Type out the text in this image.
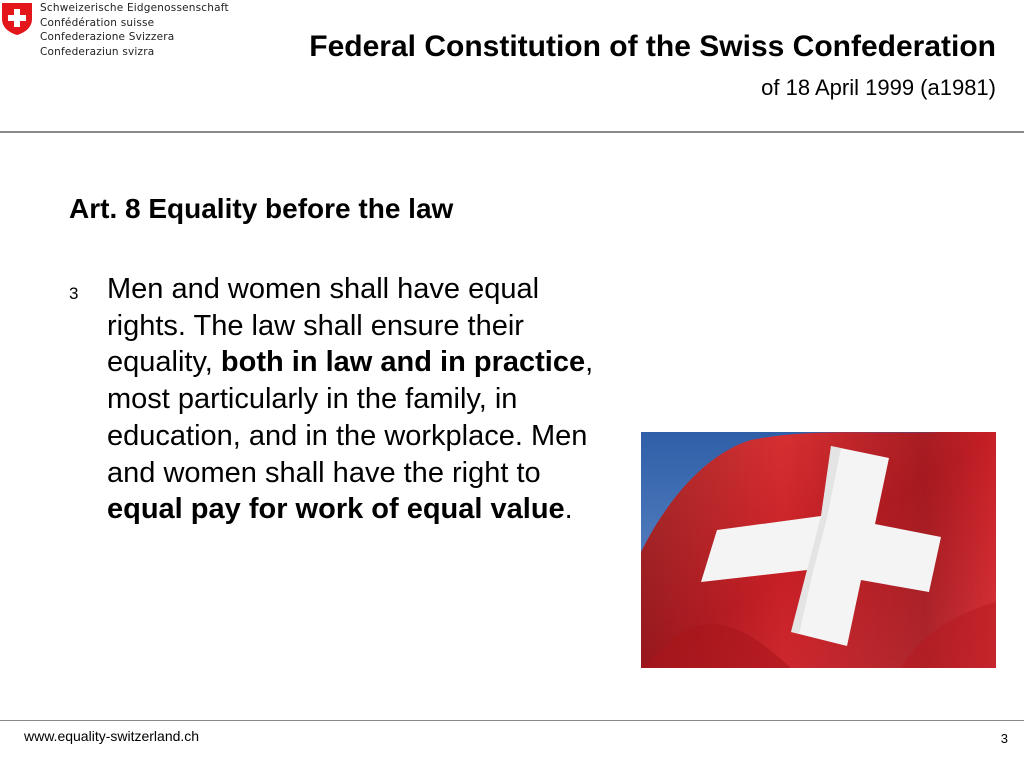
Schweizerische Eidgenossenschaft
Confédération suisse
Confederazione Svizzera
Confederaziun svizra	Federal Constitution of the Swiss Confederation
of 18 April 1999 (a1981)
Art. 8 Equality before the law
3 Men and women shall have equal rights. The law shall ensure their equality, both in law and in practice, most particularly in the family, in education, and in the workplace. Men and women shall have the right to equal pay for work of equal value.
www.equality-switzerland.ch	3
